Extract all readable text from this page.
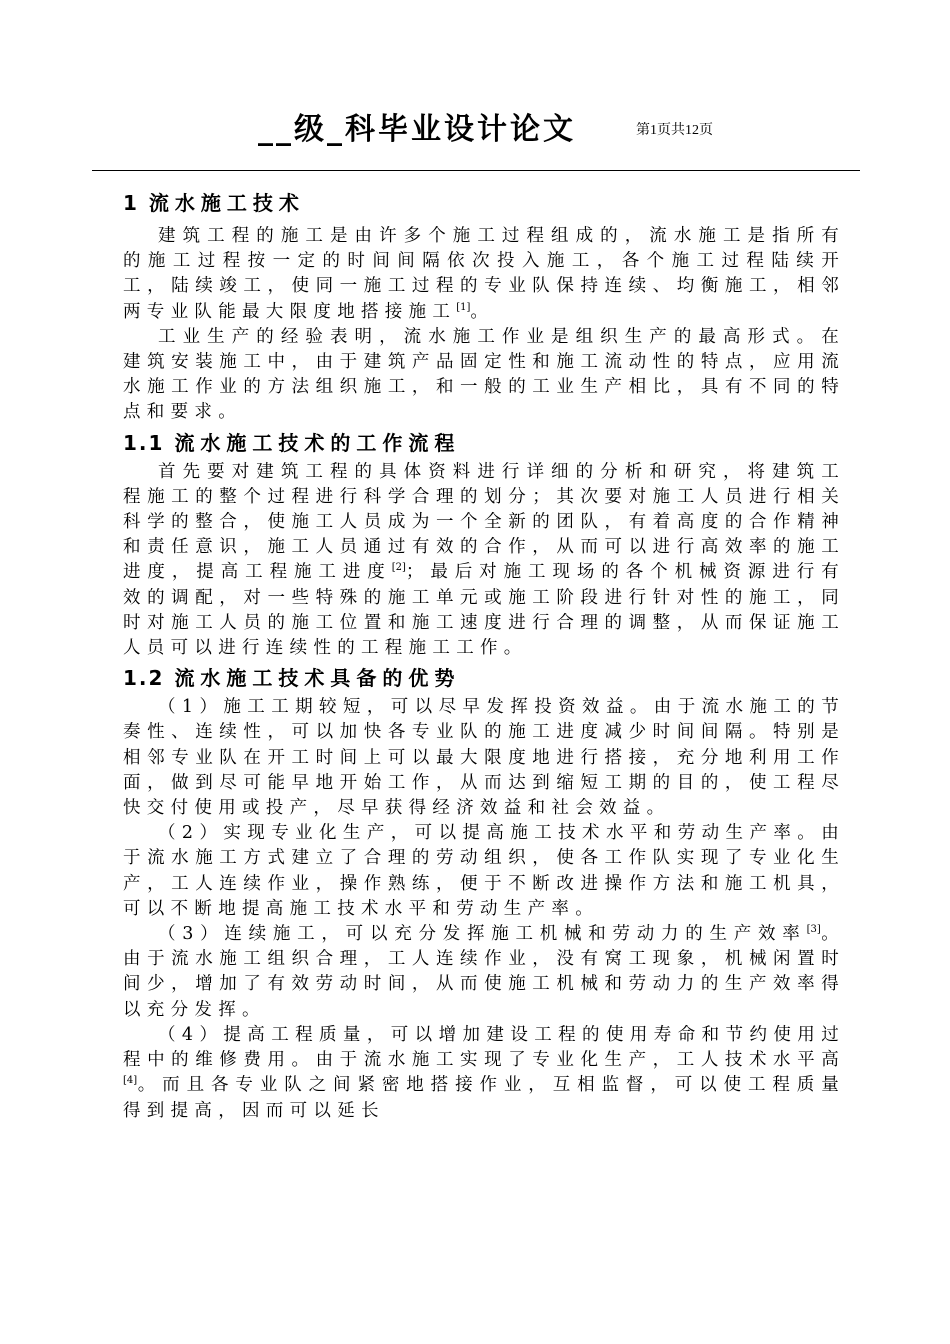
__级_科毕业设计论文	第1页共12页
1 流水施工技术

建筑工程的施工是由许多个施工过程组成的，流水施工是指所有的施工过程按一定的时间间隔依次投入施工，各个施工过程陆续开工，陆续竣工，使同一施工过程的专业队保持连续、均衡施工，相邻两专业队能最大限度地搭接施工[1]。

工业生产的经验表明，流水施工作业是组织生产的最高形式。在建筑安装施工中，由于建筑产品固定性和施工流动性的特点，应用流水施工作业的方法组织施工，和一般的工业生产相比，具有不同的特点和要求。

1.1 流水施工技术的工作流程

首先要对建筑工程的具体资料进行详细的分析和研究，将建筑工程施工的整个过程进行科学合理的划分；其次要对施工人员进行相关科学的整合，使施工人员成为一个全新的团队，有着高度的合作精神和责任意识，施工人员通过有效的合作，从而可以进行高效率的施工进度，提高工程施工进度[2]；最后对施工现场的各个机械资源进行有效的调配，对一些特殊的施工单元或施工阶段进行针对性的施工，同时对施工人员的施工位置和施工速度进行合理的调整，从而保证施工人员可以进行连续性的工程施工工作。

1.2 流水施工技术具备的优势

（1）施工工期较短，可以尽早发挥投资效益。由于流水施工的节奏性、连续性，可以加快各专业队的施工进度减少时间间隔。特别是相邻专业队在开工时间上可以最大限度地进行搭接，充分地利用工作面，做到尽可能早地开始工作，从而达到缩短工期的目的，使工程尽快交付使用或投产，尽早获得经济效益和社会效益。

（2）实现专业化生产，可以提高施工技术水平和劳动生产率。由于流水施工方式建立了合理的劳动组织，使各工作队实现了专业化生产，工人连续作业，操作熟练，便于不断改进操作方法和施工机具，可以不断地提高施工技术水平和劳动生产率。

（3）连续施工，可以充分发挥施工机械和劳动力的生产效率[3]。由于流水施工组织合理，工人连续作业，没有窝工现象，机械闲置时间少，增加了有效劳动时间，从而使施工机械和劳动力的生产效率得以充分发挥。

（4）提高工程质量，可以增加建设工程的使用寿命和节约使用过程中的维修费用。由于流水施工实现了专业化生产，工人技术水平高[4]。而且各专业队之间紧密地搭接作业，互相监督，可以使工程质量得到提高，因而可以延长
